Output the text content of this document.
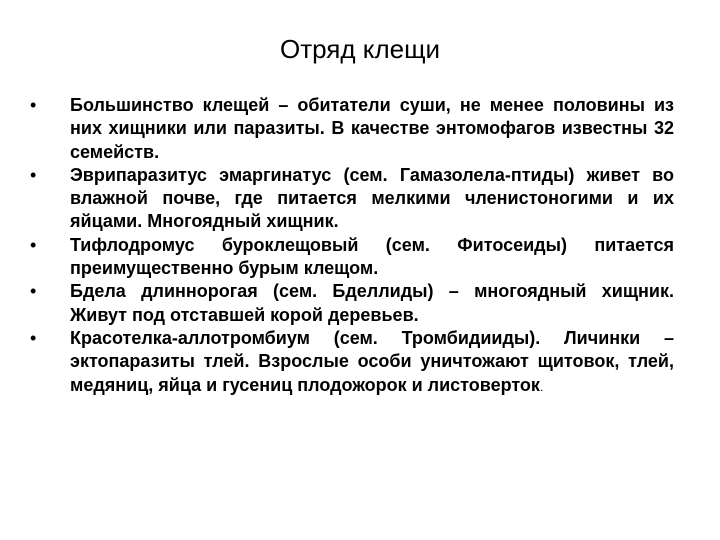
Отряд клещи
•	Большинство клещей – обитатели суши, не менее половины из них хищники или паразиты. В качестве энтомофагов известны 32 семейств.
•	Эврипаразитус эмаргинатус (сем. Гамазолела-птиды) живет во влажной почве, где питается мелкими членистоногими и их яйцами. Многоядный хищник.
•	Тифлодромус буроклещовый (сем. Фитосеиды) питается преимущественно бурым клещом.
•	Бдела длиннорогая (сем. Бделлиды) – многоядный хищник. Живут под отставшей корой деревьев.
•	Красотелка-аллотромбиум (сем. Тромбидииды). Личинки – эктопаразиты тлей. Взрослые особи уничтожают щитовок, тлей, медяниц, яйца и гусениц плодожорок и листоверток.
